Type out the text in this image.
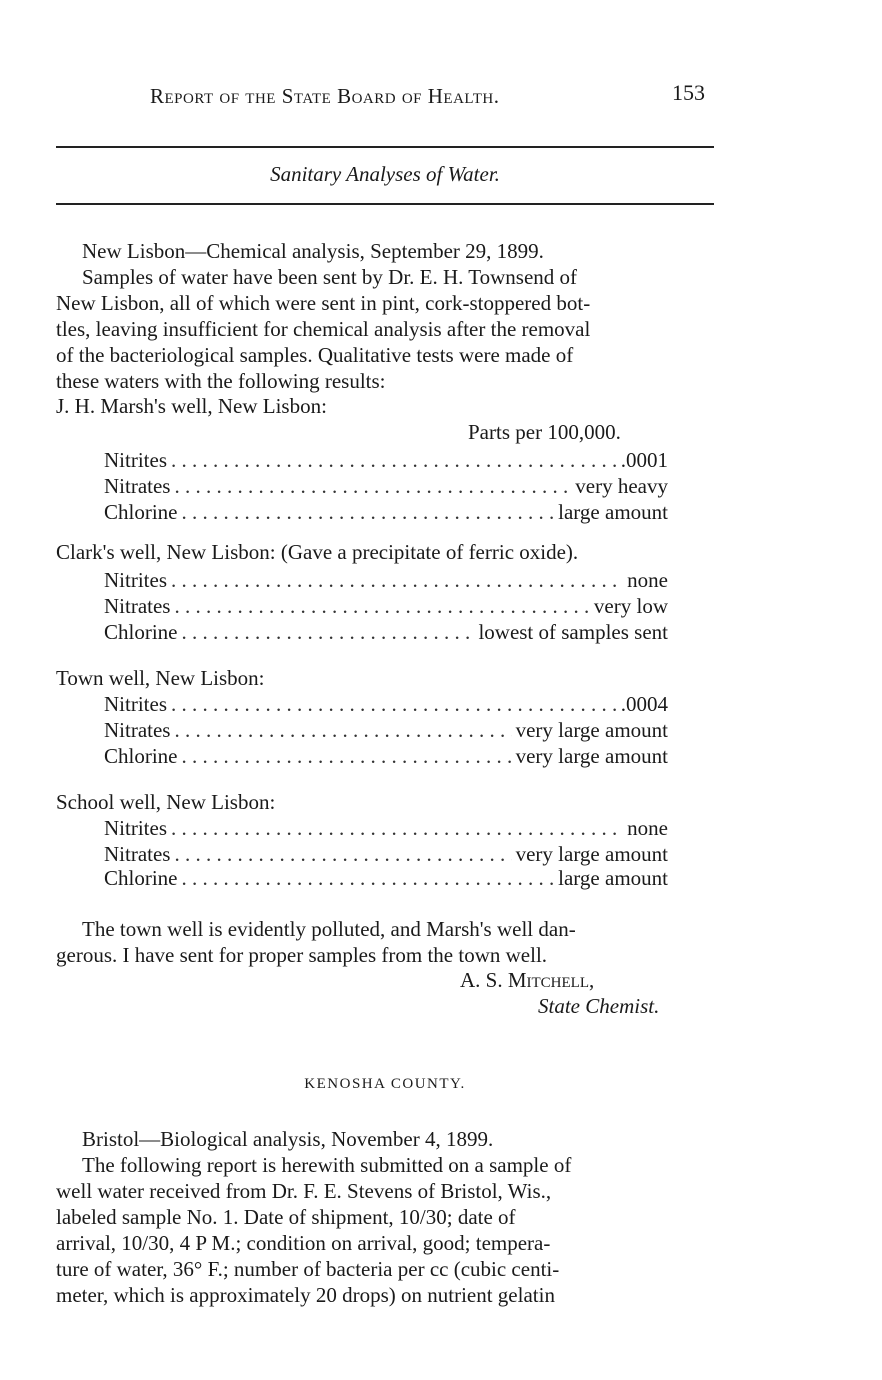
Report of the State Board of Health.	153
Sanitary Analyses of Water.

New Lisbon—Chemical analysis, September 29, 1899.

Samples of water have been sent by Dr. E. H. Townsend of

New Lisbon, all of which were sent in pint, cork-stoppered bot-

tles, leaving insufficient for chemical analysis after the removal

of the bacteriological samples. Qualitative tests were made of

these waters with the following results:

J. H. Marsh's well, New Lisbon:
Parts per 100,000.
Nitrites . . .	.0001
Nitrates . . .	very heavy
Chlorine . . .	large amount
Clark's well, New Lisbon: (Gave a precipitate of ferric oxide).
Nitrites . . .	none
Nitrates . . .	very low
Chlorine . . .	lowest of samples sent
Town well, New Lisbon:
Nitrites . . .	.0004
Nitrates . . .	very large amount
Chlorine . . .	very large amount
School well, New Lisbon:
Nitrites . . .	none
Nitrates . . .	very large amount
Chlorine . . .	large amount

The town well is evidently polluted, and Marsh's well dan-

gerous. I have sent for proper samples from the town well.

A. S. Mitchell,
State Chemist.
KENOSHA COUNTY.

Bristol—Biological analysis, November 4, 1899.

The following report is herewith submitted on a sample of

well water received from Dr. F. E. Stevens of Bristol, Wis.,

labeled sample No. 1. Date of shipment, 10/30; date of

arrival, 10/30, 4 P M.; condition on arrival, good; tempera-

ture of water, 36° F.; number of bacteria per cc (cubic centi-

meter, which is approximately 20 drops) on nutrient gelatin
